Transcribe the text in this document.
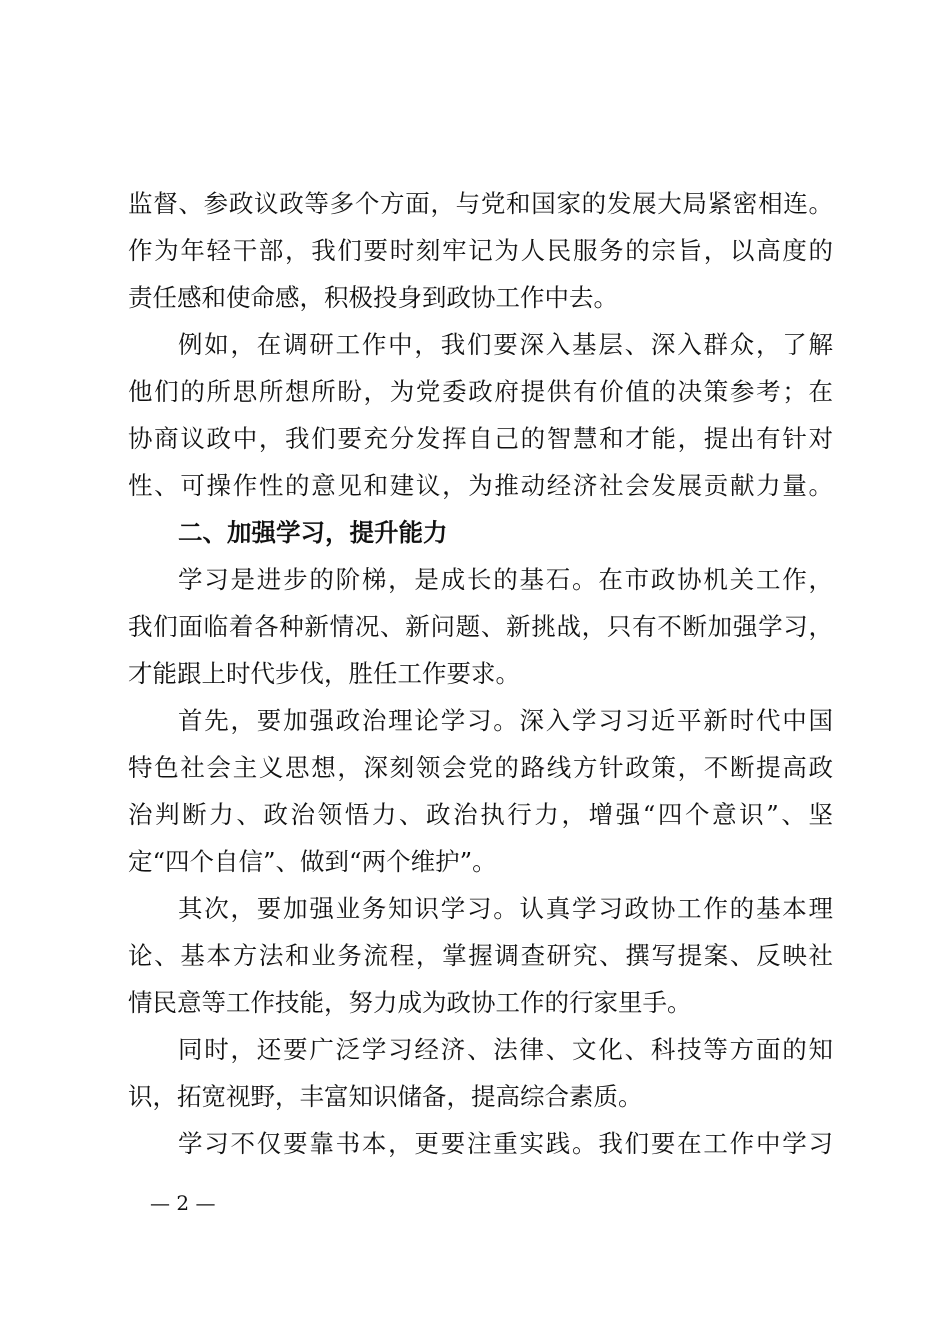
监督、参政议政等多个方面，与党和国家的发展大局紧密相连。
作为年轻干部，我们要时刻牢记为人民服务的宗旨，以高度的
责任感和使命感，积极投身到政协工作中去。
例如，在调研工作中，我们要深入基层、深入群众，了解
他们的所思所想所盼，为党委政府提供有价值的决策参考；在
协商议政中，我们要充分发挥自己的智慧和才能，提出有针对
性、可操作性的意见和建议，为推动经济社会发展贡献力量。
二、加强学习，提升能力
学习是进步的阶梯，是成长的基石。在市政协机关工作，
我们面临着各种新情况、新问题、新挑战，只有不断加强学习，
才能跟上时代步伐，胜任工作要求。
首先，要加强政治理论学习。深入学习习近平新时代中国
特色社会主义思想，深刻领会党的路线方针政策，不断提高政
治判断力、政治领悟力、政治执行力，增强“四个意识”、坚
定“四个自信”、做到“两个维护”。
其次，要加强业务知识学习。认真学习政协工作的基本理
论、基本方法和业务流程，掌握调查研究、撰写提案、反映社
情民意等工作技能，努力成为政协工作的行家里手。
同时，还要广泛学习经济、法律、文化、科技等方面的知
识，拓宽视野，丰富知识储备，提高综合素质。
学习不仅要靠书本，更要注重实践。我们要在工作中学习
— 2 —
